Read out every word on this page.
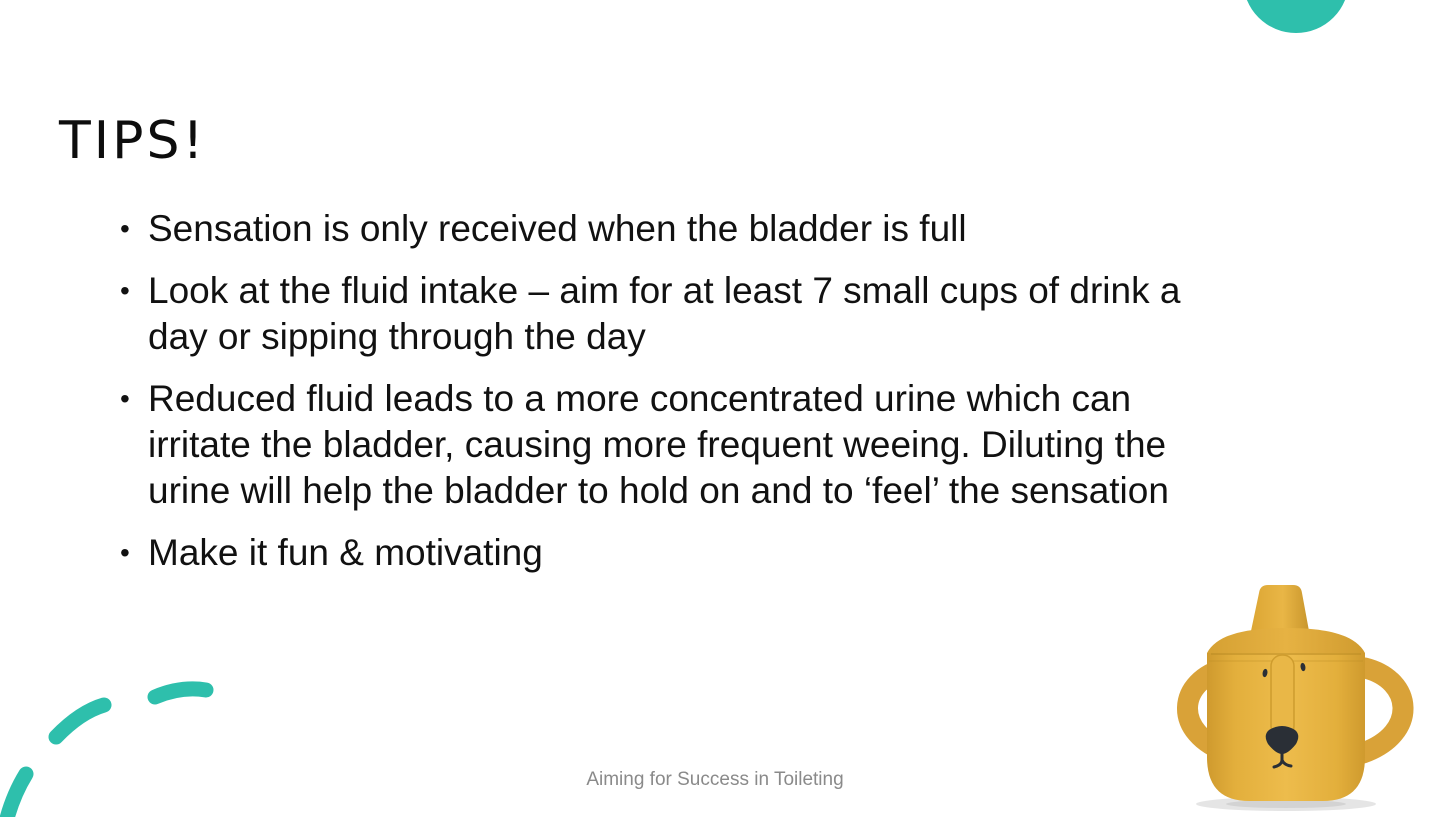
TIPS!
• Sensation is only received when the bladder is full
• Look at the fluid intake – aim for at least 7 small cups of drink a day or sipping through the day
• Reduced fluid leads to a more concentrated urine which can irritate the bladder, causing more frequent weeing. Diluting the urine will help the bladder to hold on and to ‘feel’ the sensation
• Make it fun & motivating
Aiming for Success in Toileting
